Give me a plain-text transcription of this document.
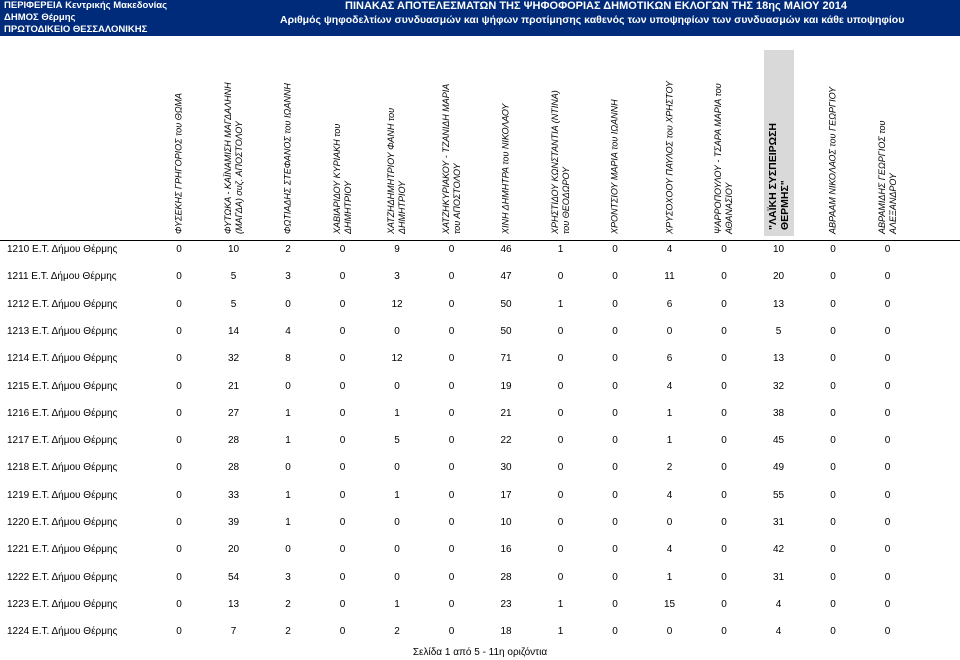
ΠΕΡΙΦΕΡΕΙΑ Κεντρικής Μακεδονίας
ΔΗΜΟΣ Θέρμης
ΠΡΩΤΟΔΙΚΕΙΟ ΘΕΣΣΑΛΟΝΙΚΗΣ
ΠΙΝΑΚΑΣ ΑΠΟΤΕΛΕΣΜΑΤΩΝ ΤΗΣ ΨΗΦΟΦΟΡΙΑΣ ΔΗΜΟΤΙΚΩΝ ΕΚΛΟΓΩΝ ΤΗΣ 18ης ΜΑΙΟΥ 2014
Αριθμός ψηφοδελτίων συνδυασμών και ψήφων προτίμησης καθενός των υποψηφίων των συνδυασμών και κάθε υποψηφίου
ΦΥΣΕΚΗΣ ΓΡΗΓΟΡΙΟΣ του ΘΩΜΑ	ΦΥΤΩΚΑ - ΚΑΪΝΑΜΙΣΗ ΜΑΓΔΑΛΗΝΗ (ΜΑΓΔΑ) συζ. ΑΠΟΣΤΟΛΟΥ	ΦΩΤΙΑΔΗΣ ΣΤΕΦΑΝΟΣ του ΙΩΑΝΝΗ	ΧΑΒΙΑΡΙΔΟΥ ΚΥΡΙΑΚΗ του ΔΗΜΗΤΡΙΟΥ	ΧΑΤΖΗΔΗΜΗΤΡΙΟΥ ΦΑΝΗ του ΔΗΜΗΤΡΙΟΥ	ΧΑΤΖΗΚΥΡΙΑΚΟΥ - ΤΖΑΝΙΔΗ ΜΑΡΙΑ του ΑΠΟΣΤΟΛΟΥ	ΧΙΝΗ ΔΗΜΗΤΡΑ του ΝΙΚΟΛΑΟΥ	ΧΡΗΣΤΙΔΟΥ ΚΩΝΣΤΑΝΤΙΑ (ΝΤΙΝΑ) του ΘΕΟΔΩΡΟΥ	ΧΡΟΝΤΣΙΟΥ ΜΑΡΙΑ του ΙΩΑΝΝΗ	ΧΡΥΣΟΧΟΟΥ ΠΑΥΛΟΣ του ΧΡΗΣΤΟΥ	ΨΑΡΡΟΠΟΥΛΟΥ - ΤΣΑΡΑ ΜΑΡΙΑ του ΑΘΑΝΑΣΙΟΥ	"ΛΑΪΚΗ ΣΥΣΠΕΙΡΩΣΗ ΘΕΡΜΗΣ"	ΑΒΡΑΑΜ ΝΙΚΟΛΑΟΣ του ΓΕΩΡΓΙΟΥ	ΑΒΡΑΜΙΔΗΣ ΓΕΩΡΓΙΟΣ του ΑΛΕΞΑΝΔΡΟΥ
1210 Ε.Τ. Δήμου Θέρμης	0	10	2	0	9	0	46	1	0	4	0	10	0	0
1211 Ε.Τ. Δήμου Θέρμης	0	5	3	0	3	0	47	0	0	11	0	20	0	0
1212 Ε.Τ. Δήμου Θέρμης	0	5	0	0	12	0	50	1	0	6	0	13	0	0
1213 Ε.Τ. Δήμου Θέρμης	0	14	4	0	0	0	50	0	0	0	0	5	0	0
1214 Ε.Τ. Δήμου Θέρμης	0	32	8	0	12	0	71	0	0	6	0	13	0	0
1215 Ε.Τ. Δήμου Θέρμης	0	21	0	0	0	0	19	0	0	4	0	32	0	0
1216 Ε.Τ. Δήμου Θέρμης	0	27	1	0	1	0	21	0	0	1	0	38	0	0
1217 Ε.Τ. Δήμου Θέρμης	0	28	1	0	5	0	22	0	0	1	0	45	0	0
1218 Ε.Τ. Δήμου Θέρμης	0	28	0	0	0	0	30	0	0	2	0	49	0	0
1219 Ε.Τ. Δήμου Θέρμης	0	33	1	0	1	0	17	0	0	4	0	55	0	0
1220 Ε.Τ. Δήμου Θέρμης	0	39	1	0	0	0	10	0	0	0	0	31	0	0
1221 Ε.Τ. Δήμου Θέρμης	0	20	0	0	0	0	16	0	0	4	0	42	0	0
1222 Ε.Τ. Δήμου Θέρμης	0	54	3	0	0	0	28	0	0	1	0	31	0	0
1223 Ε.Τ. Δήμου Θέρμης	0	13	2	0	1	0	23	1	0	15	0	4	0	0
1224 Ε.Τ. Δήμου Θέρμης	0	7	2	0	2	0	18	1	0	0	0	4	0	0
Σελίδα 1 από 5 - 11η οριζόντια
